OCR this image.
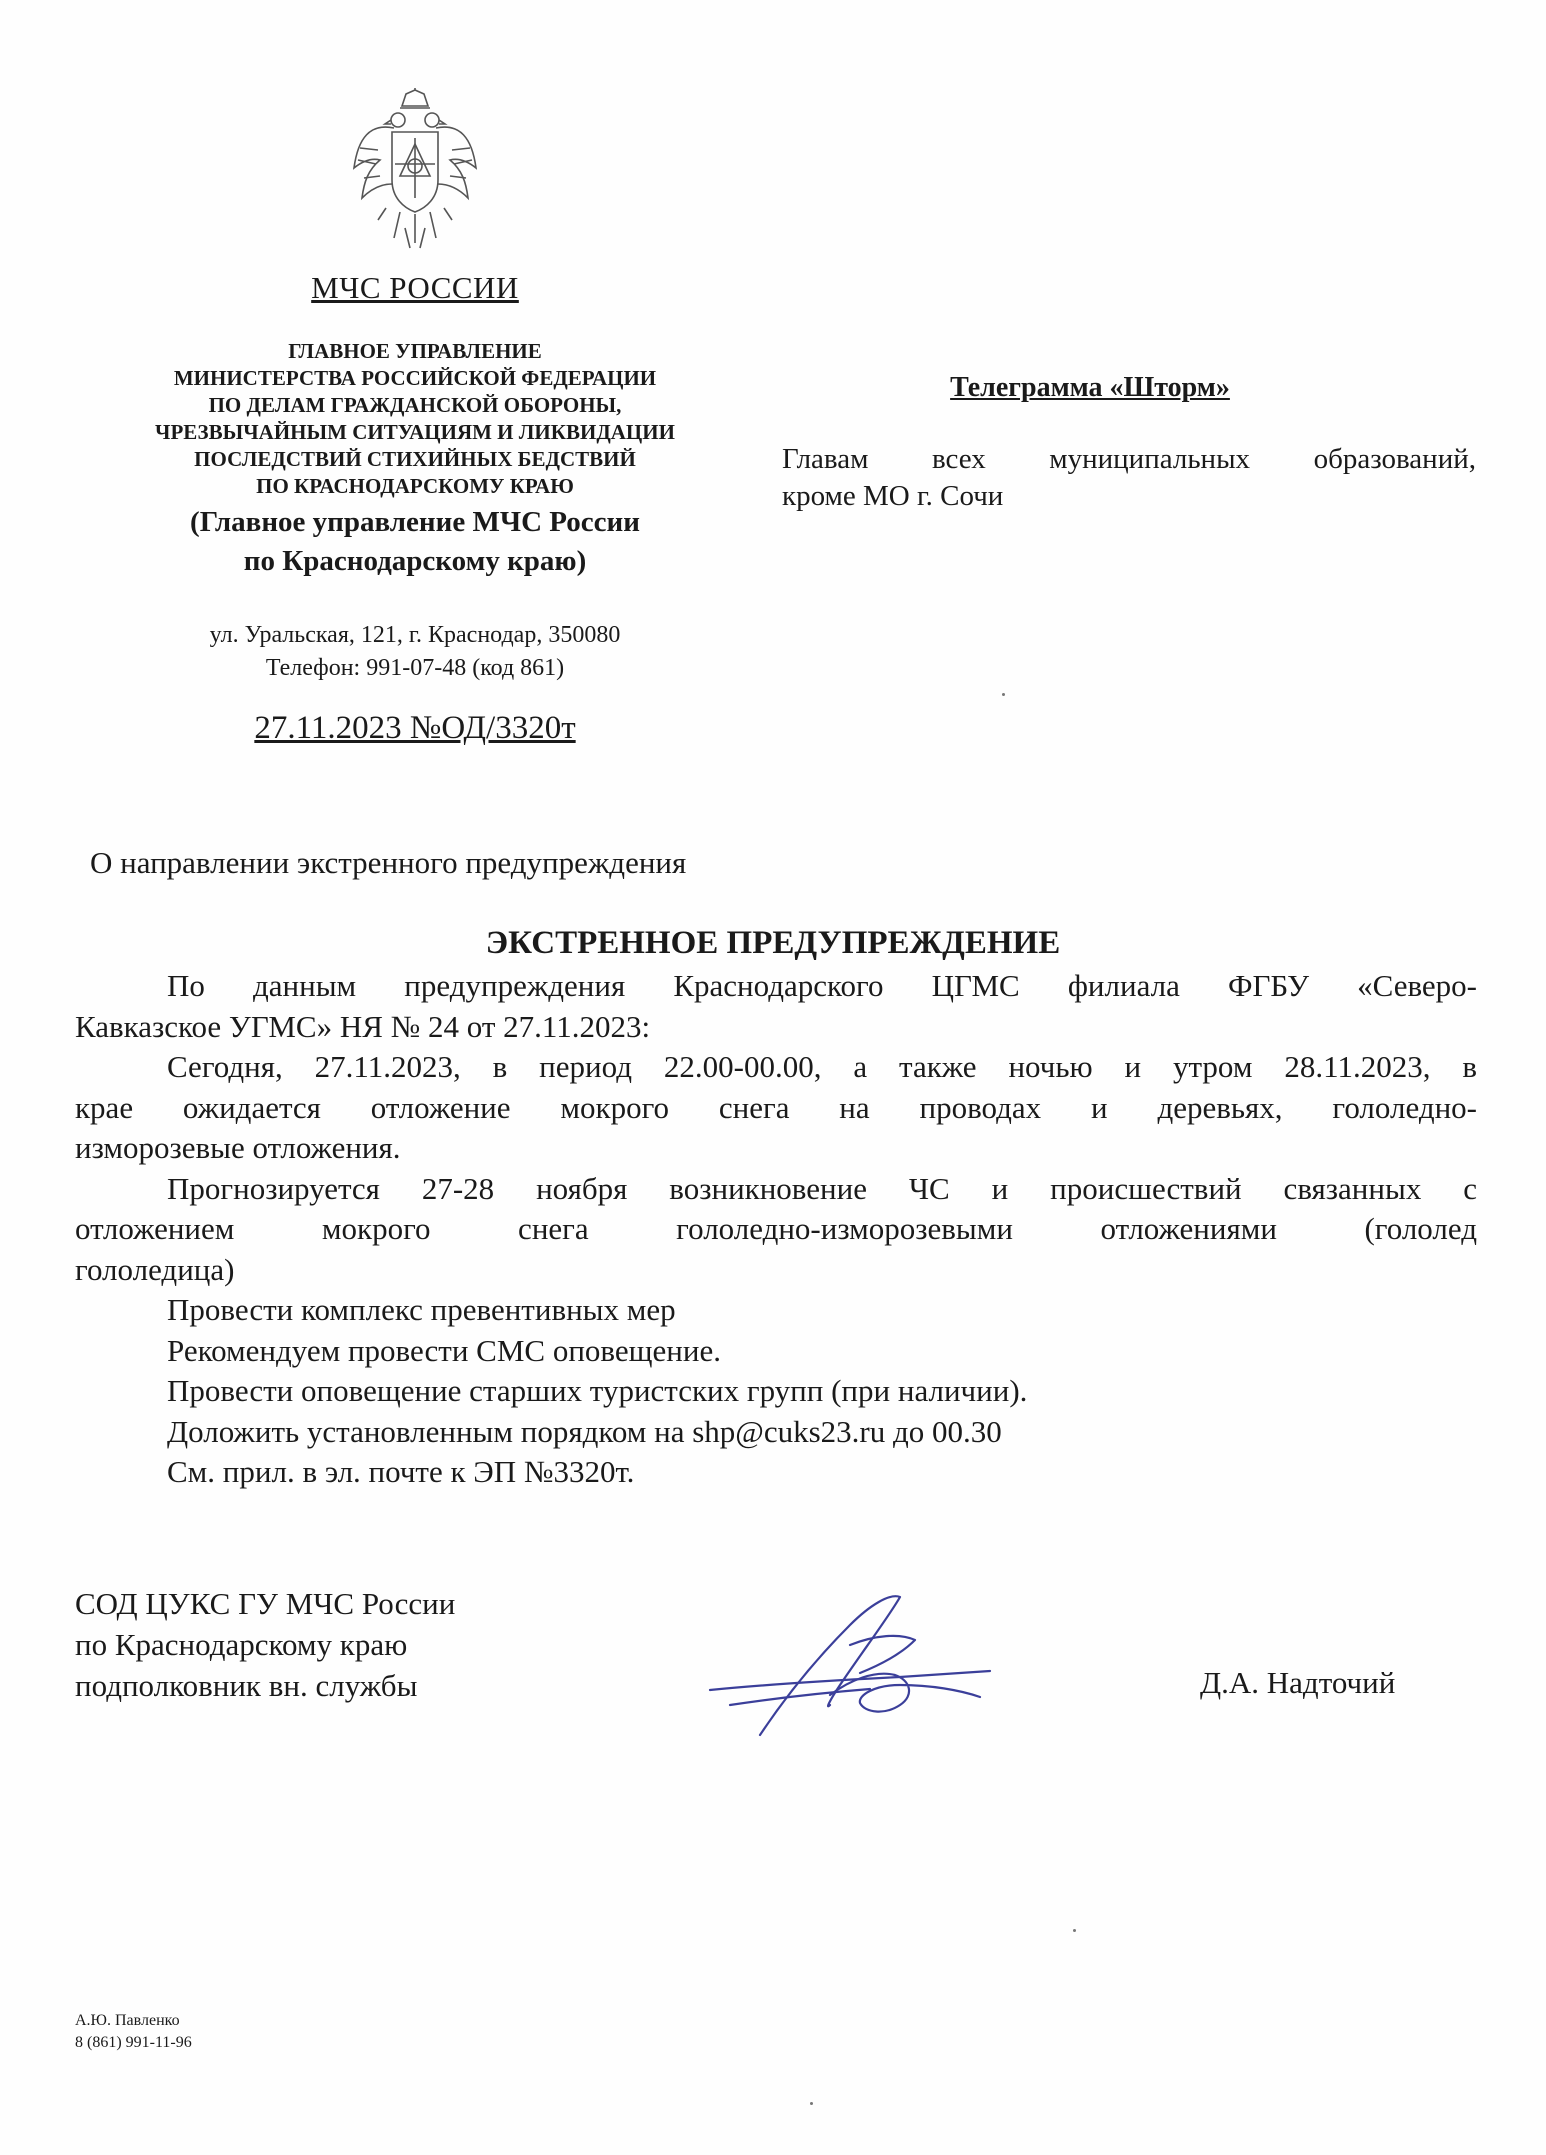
МЧС РОССИИ
ГЛАВНОЕ УПРАВЛЕНИЕ
МИНИСТЕРСТВА РОССИЙСКОЙ ФЕДЕРАЦИИ
ПО ДЕЛАМ ГРАЖДАНСКОЙ ОБОРОНЫ,
ЧРЕЗВЫЧАЙНЫМ СИТУАЦИЯМ И ЛИКВИДАЦИИ
ПОСЛЕДСТВИЙ СТИХИЙНЫХ БЕДСТВИЙ
ПО КРАСНОДАРСКОМУ КРАЮ
(Главное управление МЧС России
по Краснодарскому краю)
ул. Уральская, 121, г. Краснодар, 350080
Телефон: 991-07-48 (код 861)
27.11.2023 №ОД/3320т
Телеграмма «Шторм»
Главам всех муниципальных образований,
кроме МО г. Сочи
О направлении экстренного предупреждения
ЭКСТРЕННОЕ ПРЕДУПРЕЖДЕНИЕ

По данным предупреждения Краснодарского ЦГМС филиала ФГБУ «Северо-
Кавказское УГМС» НЯ № 24 от 27.11.2023:

Сегодня, 27.11.2023, в период 22.00-00.00, а также ночью и утром 28.11.2023, в
крае ожидается отложение мокрого снега на проводах и деревьях, гололедно-
изморозевые отложения.

Прогнозируется 27-28 ноября возникновение ЧС и происшествий связанных с
отложением мокрого снега гололедно-изморозевыми отложениями (гололед
гололедица)

Провести комплекс превентивных мер
Рекомендуем провести СМС оповещение.
Провести оповещение старших туристских групп (при наличии).
Доложить установленным порядком на shp@cuks23.ru до 00.30
См. прил. в эл. почте к ЭП №3320т.
СОД ЦУКС ГУ МЧС России
по Краснодарскому краю
подполковник вн. службы	Д.А. Надточий
А.Ю. Павленко
8 (861) 991-11-96
